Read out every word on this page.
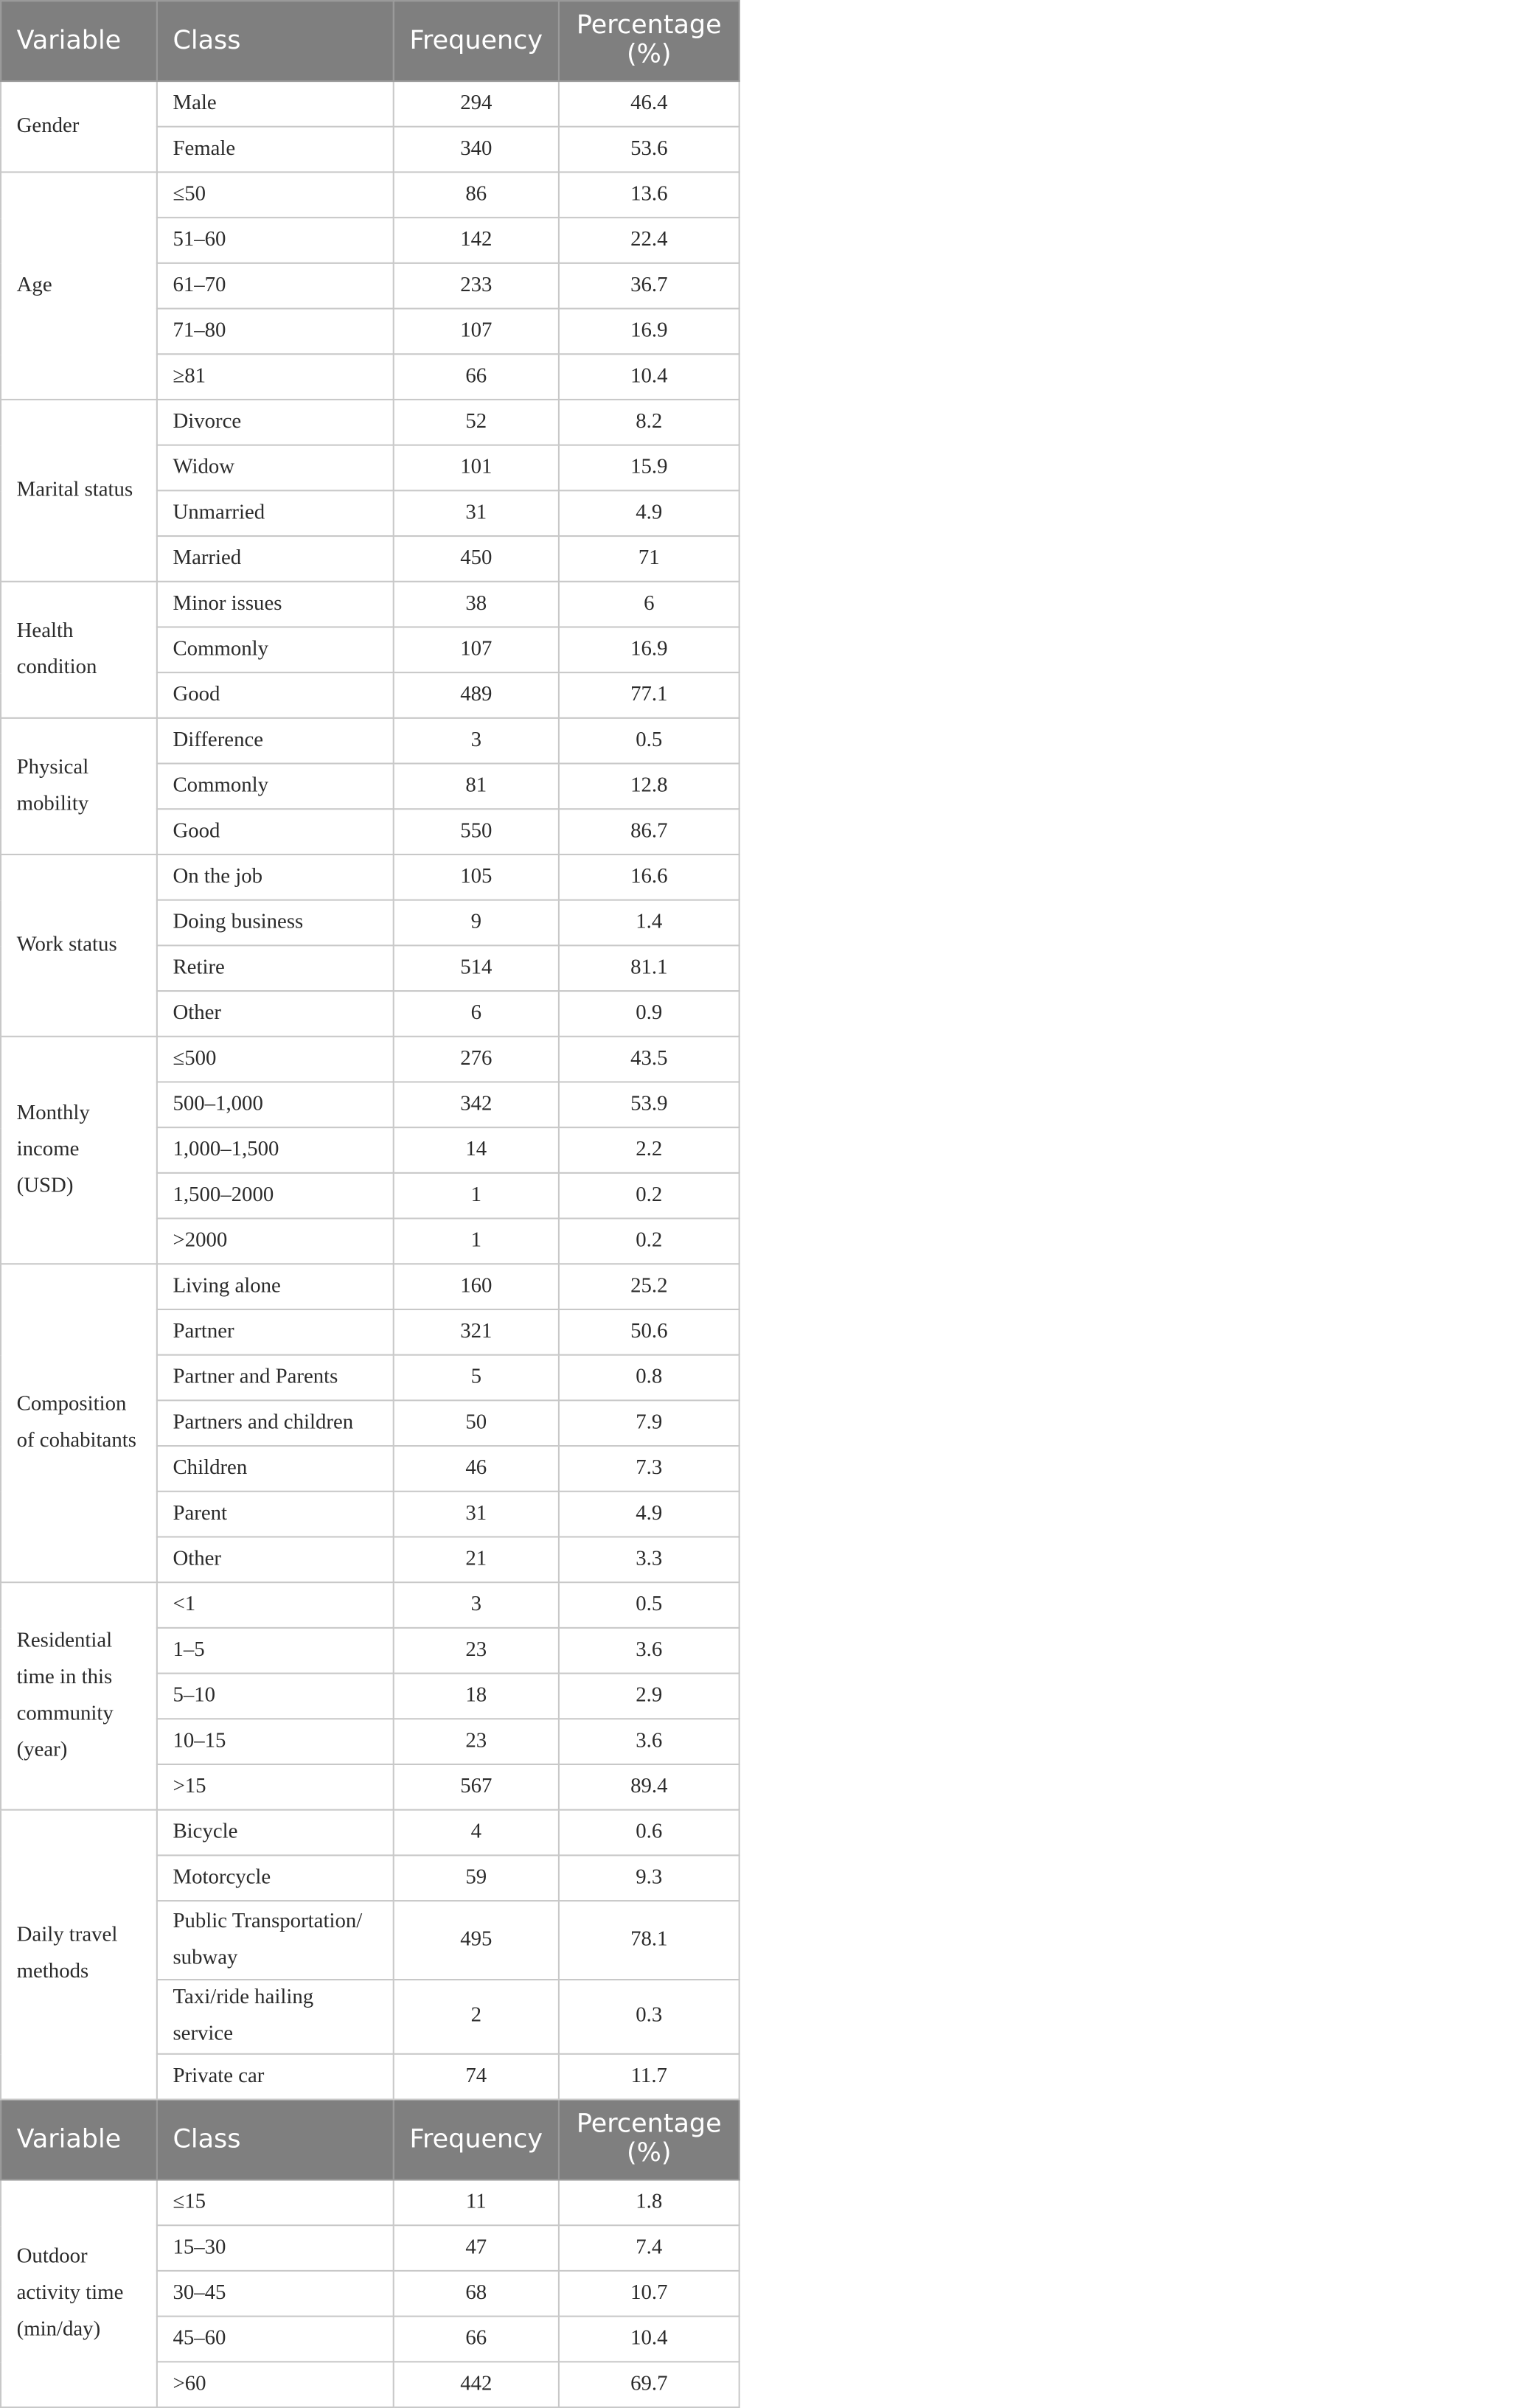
Variable	Class	Frequency	Percentage (%)
Gender	Male	294	46.4
	Female	340	53.6
Age	≤50	86	13.6
	51–60	142	22.4
	61–70	233	36.7
	71–80	107	16.9
	≥81	66	10.4
Marital status	Divorce	52	8.2
	Widow	101	15.9
	Unmarried	31	4.9
	Married	450	71
Health condition	Minor issues	38	6
	Commonly	107	16.9
	Good	489	77.1
Physical mobility	Difference	3	0.5
	Commonly	81	12.8
	Good	550	86.7
Work status	On the job	105	16.6
	Doing business	9	1.4
	Retire	514	81.1
	Other	6	0.9
Monthly income (USD)	≤500	276	43.5
	500–1,000	342	53.9
	1,000–1,500	14	2.2
	1,500–2000	1	0.2
	>2000	1	0.2
Composition of cohabitants	Living alone	160	25.2
	Partner	321	50.6
	Partner and Parents	5	0.8
	Partners and children	50	7.9
	Children	46	7.3
	Parent	31	4.9
	Other	21	3.3
Residential time in this community (year)	<1	3	0.5
	1–5	23	3.6
	5–10	18	2.9
	10–15	23	3.6
	>15	567	89.4
Daily travel methods	Bicycle	4	0.6
	Motorcycle	59	9.3
	Public Transportation/ subway	495	78.1
	Taxi/ride hailing service	2	0.3
	Private car	74	11.7
Variable	Class	Frequency	Percentage (%)
Outdoor activity time (min/day)	≤15	11	1.8
	15–30	47	7.4
	30–45	68	10.7
	45–60	66	10.4
	>60	442	69.7
